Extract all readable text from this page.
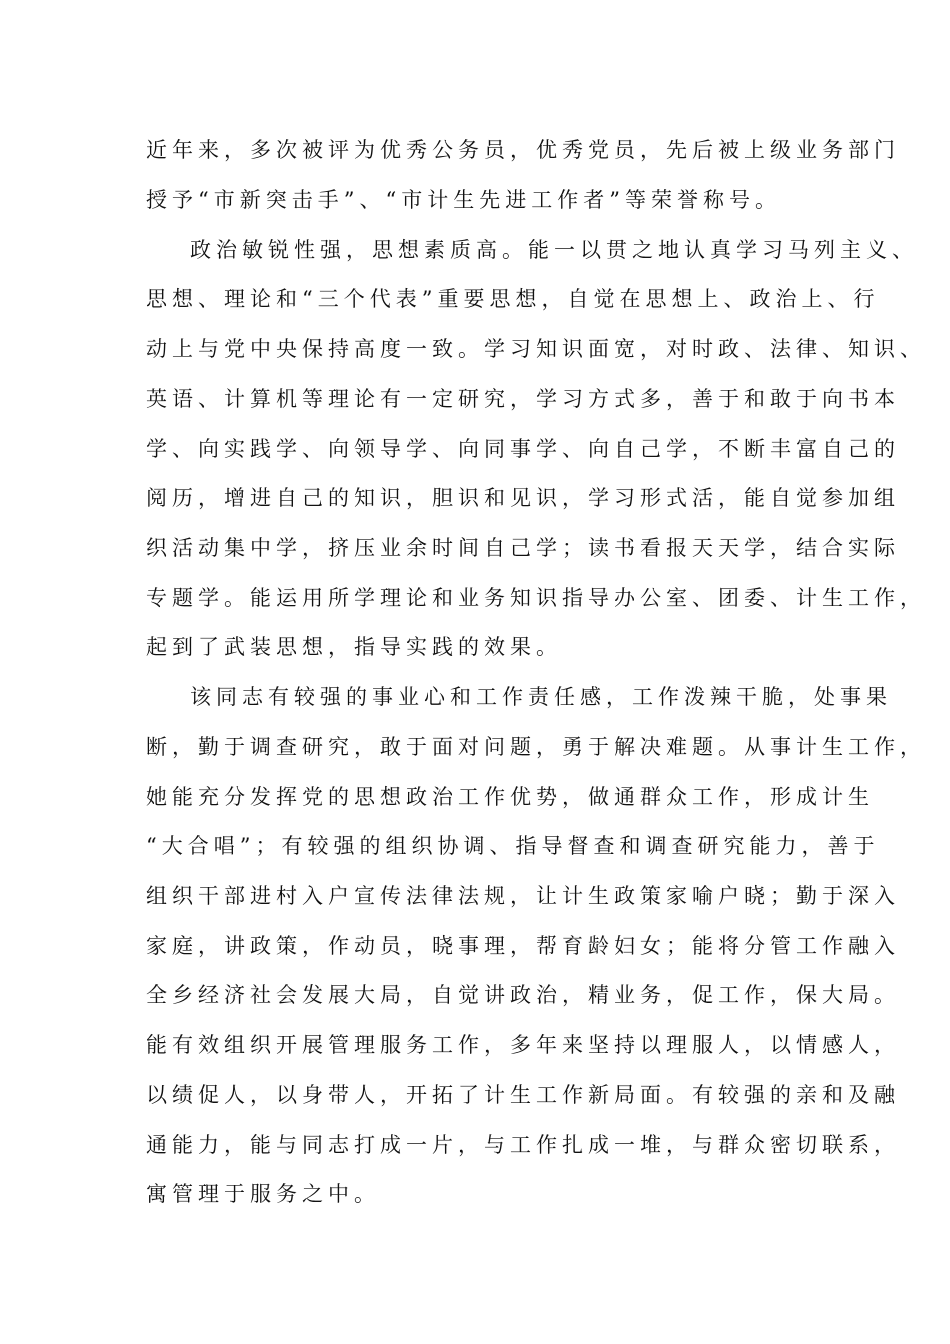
近年来，多次被评为优秀公务员，优秀党员，先后被上级业务部门
授予“市新突击手”、“市计生先进工作者”等荣誉称号。
政治敏锐性强，思想素质高。能一以贯之地认真学习马列主义、
思想、理论和“三个代表”重要思想，自觉在思想上、政治上、行
动上与党中央保持高度一致。学习知识面宽，对时政、法律、知识、
英语、计算机等理论有一定研究，学习方式多，善于和敢于向书本
学、向实践学、向领导学、向同事学、向自己学，不断丰富自己的
阅历，增进自己的知识，胆识和见识，学习形式活，能自觉参加组
织活动集中学，挤压业余时间自己学；读书看报天天学，结合实际
专题学。能运用所学理论和业务知识指导办公室、团委、计生工作，
起到了武装思想，指导实践的效果。
该同志有较强的事业心和工作责任感，工作泼辣干脆，处事果
断，勤于调查研究，敢于面对问题，勇于解决难题。从事计生工作，
她能充分发挥党的思想政治工作优势，做通群众工作，形成计生
“大合唱”；有较强的组织协调、指导督查和调查研究能力，善于
组织干部进村入户宣传法律法规，让计生政策家喻户晓；勤于深入
家庭，讲政策，作动员，晓事理，帮育龄妇女；能将分管工作融入
全乡经济社会发展大局，自觉讲政治，精业务，促工作，保大局。
能有效组织开展管理服务工作，多年来坚持以理服人，以情感人，
以绩促人，以身带人，开拓了计生工作新局面。有较强的亲和及融
通能力，能与同志打成一片，与工作扎成一堆，与群众密切联系，
寓管理于服务之中。
